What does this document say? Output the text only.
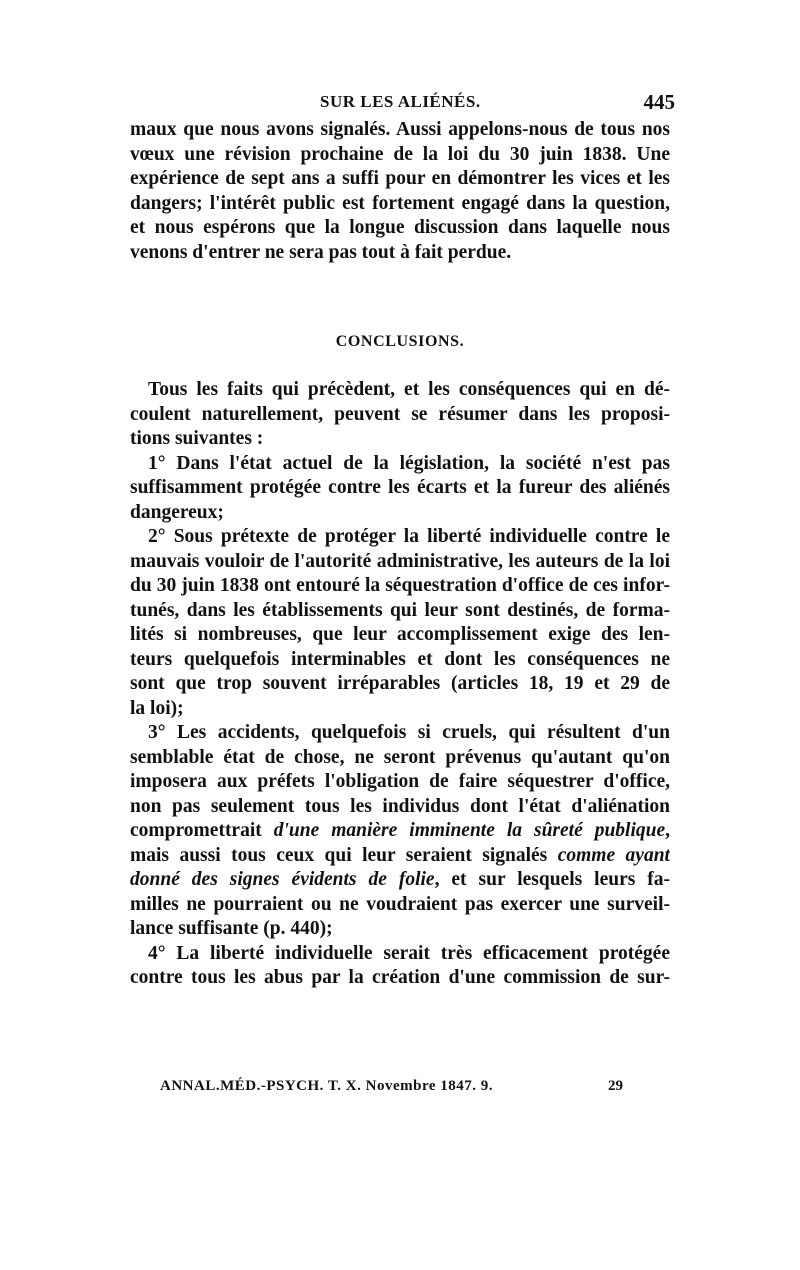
SUR LES ALIÉNÉS.	445
maux que nous avons signalés. Aussi appelons-nous de tous nos
vœux une révision prochaine de la loi du 30 juin 1838. Une
expérience de sept ans a suffi pour en démontrer les vices et les
dangers; l'intérêt public est fortement engagé dans la question,
et nous espérons que la longue discussion dans laquelle nous
venons d'entrer ne sera pas tout à fait perdue.
CONCLUSIONS.
Tous les faits qui précèdent, et les conséquences qui en dé-
coulent naturellement, peuvent se résumer dans les proposi-
tions suivantes :
1° Dans l'état actuel de la législation, la société n'est pas
suffisamment protégée contre les écarts et la fureur des aliénés
dangereux;
2° Sous prétexte de protéger la liberté individuelle contre le
mauvais vouloir de l'autorité administrative, les auteurs de la loi
du 30 juin 1838 ont entouré la séquestration d'office de ces infor-
tunés, dans les établissements qui leur sont destinés, de forma-
lités si nombreuses, que leur accomplissement exige des len-
teurs quelquefois interminables et dont les conséquences ne
sont que trop souvent irréparables (articles 18, 19 et 29 de
la loi);
3° Les accidents, quelquefois si cruels, qui résultent d'un
semblable état de chose, ne seront prévenus qu'autant qu'on
imposera aux préfets l'obligation de faire séquestrer d'office,
non pas seulement tous les individus dont l'état d'aliénation
compromettrait d'une manière imminente la sûreté publique,
mais aussi tous ceux qui leur seraient signalés comme ayant
donné des signes évidents de folie, et sur lesquels leurs fa-
milles ne pourraient ou ne voudraient pas exercer une surveil-
lance suffisante (p. 440);
4° La liberté individuelle serait très efficacement protégée
contre tous les abus par la création d'une commission de sur-
ANNAL.MÉD.-PSYCH. T. X. Novembre 1847. 9.	29
